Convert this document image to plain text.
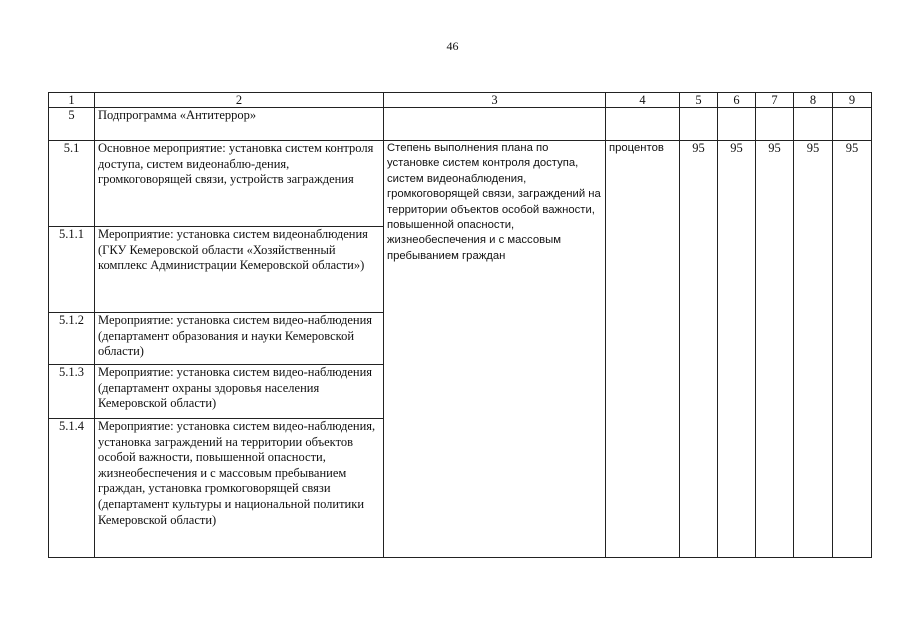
46
1	2	3	4	5	6	7	8	9
5	Подпрограмма «Антитеррор»							
5.1	Основное мероприятие: установка систем контроля доступа, систем видеонаблю-дения, громкоговорящей связи, устройств заграждения	Степень выполнения плана по установке систем контроля доступа, систем видеонаблюдения, громкоговорящей связи, заграждений на территории объектов особой важности, повышенной опасности, жизнеобеспечения и с массовым пребыванием граждан	процентов	95	95	95	95	95
5.1.1	Мероприятие: установка систем видеонаблюдения (ГКУ Кемеровской области «Хозяйственный комплекс Администрации Кемеровской области»)							
5.1.2	Мероприятие: установка систем видео-наблюдения (департамент образования и науки Кемеровской области)							
5.1.3	Мероприятие: установка систем видео-наблюдения (департамент охраны здоровья населения Кемеровской области)							
5.1.4	Мероприятие: установка систем видео-наблюдения, установка заграждений на территории объектов особой важности, повышенной опасности, жизнеобеспечения и с массовым пребыванием граждан, установка громкоговорящей связи (департамент культуры и национальной политики Кемеровской области)							
